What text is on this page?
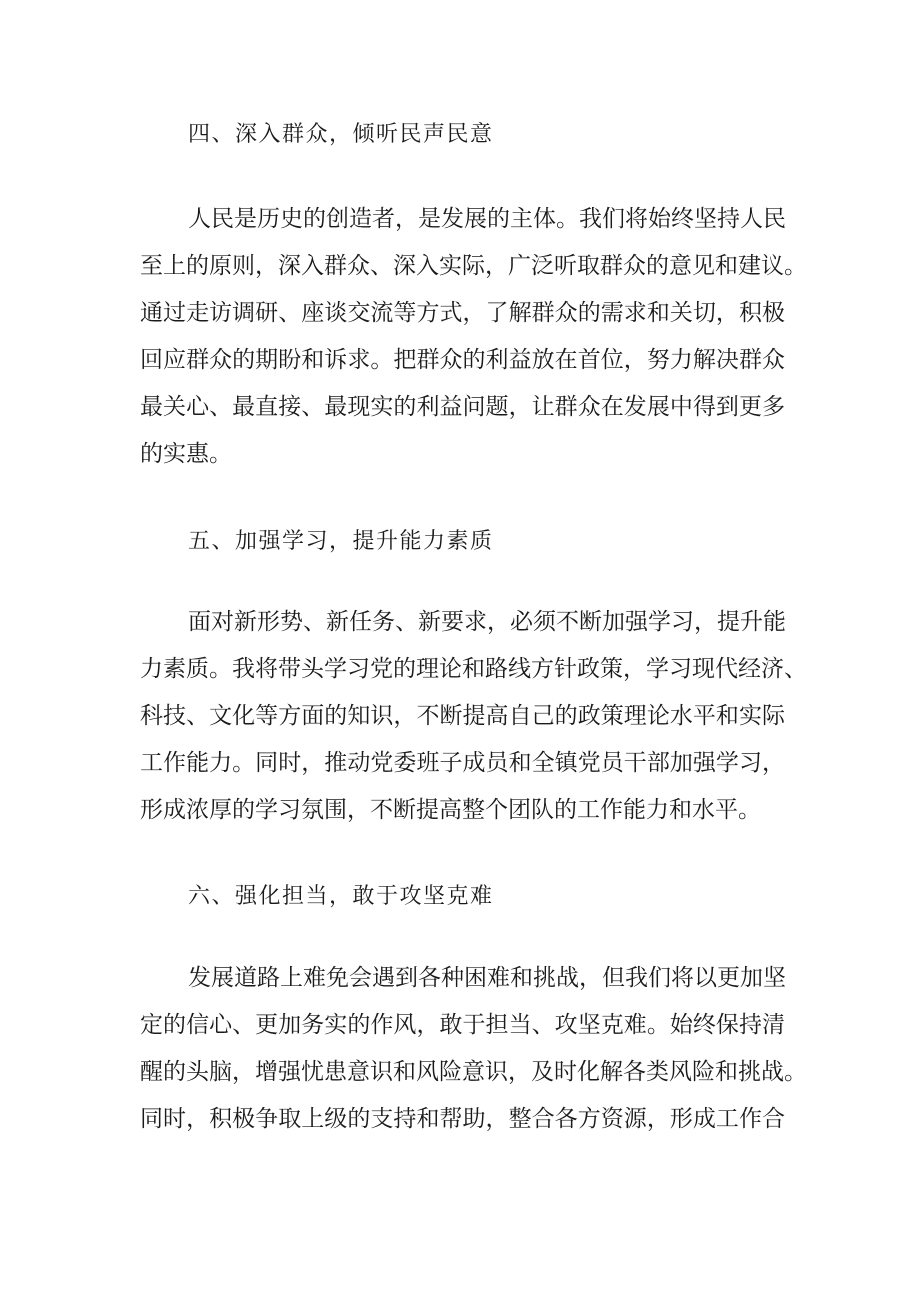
四、深入群众，倾听民声民意
人民是历史的创造者，是发展的主体。我们将始终坚持人民
至上的原则，深入群众、深入实际，广泛听取群众的意见和建议。
通过走访调研、座谈交流等方式，了解群众的需求和关切，积极
回应群众的期盼和诉求。把群众的利益放在首位，努力解决群众
最关心、最直接、最现实的利益问题，让群众在发展中得到更多
的实惠。
五、加强学习，提升能力素质
面对新形势、新任务、新要求，必须不断加强学习，提升能
力素质。我将带头学习党的理论和路线方针政策，学习现代经济、
科技、文化等方面的知识，不断提高自己的政策理论水平和实际
工作能力。同时，推动党委班子成员和全镇党员干部加强学习，
形成浓厚的学习氛围，不断提高整个团队的工作能力和水平。
六、强化担当，敢于攻坚克难
发展道路上难免会遇到各种困难和挑战，但我们将以更加坚
定的信心、更加务实的作风，敢于担当、攻坚克难。始终保持清
醒的头脑，增强忧患意识和风险意识，及时化解各类风险和挑战。
同时，积极争取上级的支持和帮助，整合各方资源，形成工作合
